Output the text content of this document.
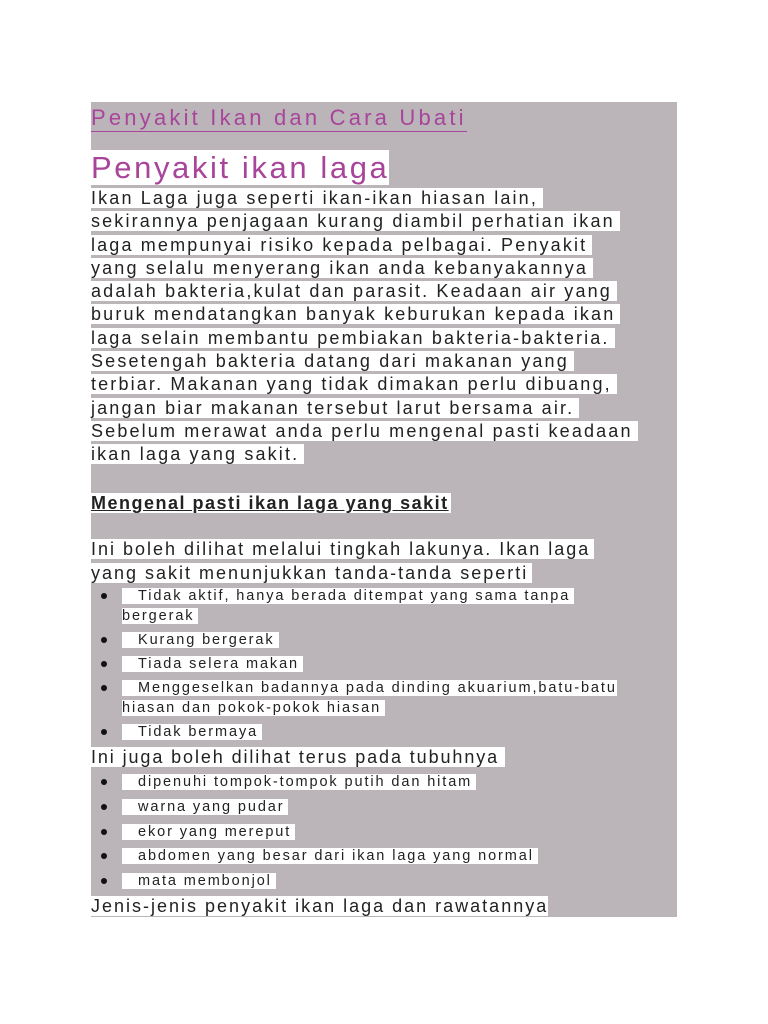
Penyakit Ikan dan Cara Ubati
Penyakit ikan laga
Ikan Laga juga seperti ikan-ikan hiasan lain,
sekirannya penjagaan kurang diambil perhatian ikan
laga mempunyai risiko kepada pelbagai. Penyakit
yang selalu menyerang ikan anda kebanyakannya
adalah bakteria,kulat dan parasit. Keadaan air yang
buruk mendatangkan banyak keburukan kepada ikan
laga selain membantu pembiakan bakteria-bakteria.
Sesetengah bakteria datang dari makanan yang
terbiar. Makanan yang tidak dimakan perlu dibuang,
jangan biar makanan tersebut larut bersama air.
Sebelum merawat anda perlu mengenal pasti keadaan
ikan laga yang sakit.
Mengenal pasti ikan laga yang sakit
Ini boleh dilihat melalui tingkah lakunya. Ikan laga
yang sakit menunjukkan tanda-tanda seperti
Tidak aktif, hanya berada ditempat yang sama tanpa
bergerak
Kurang bergerak
Tiada selera makan
Menggeselkan badannya pada dinding akuarium,batu-batu
hiasan dan pokok-pokok hiasan
Tidak bermaya
Ini juga boleh dilihat terus pada tubuhnya
dipenuhi tompok-tompok putih dan hitam
warna yang pudar
ekor yang mereput
abdomen yang besar dari ikan laga yang normal
mata membonjol
Jenis-jenis penyakit ikan laga dan rawatannya
